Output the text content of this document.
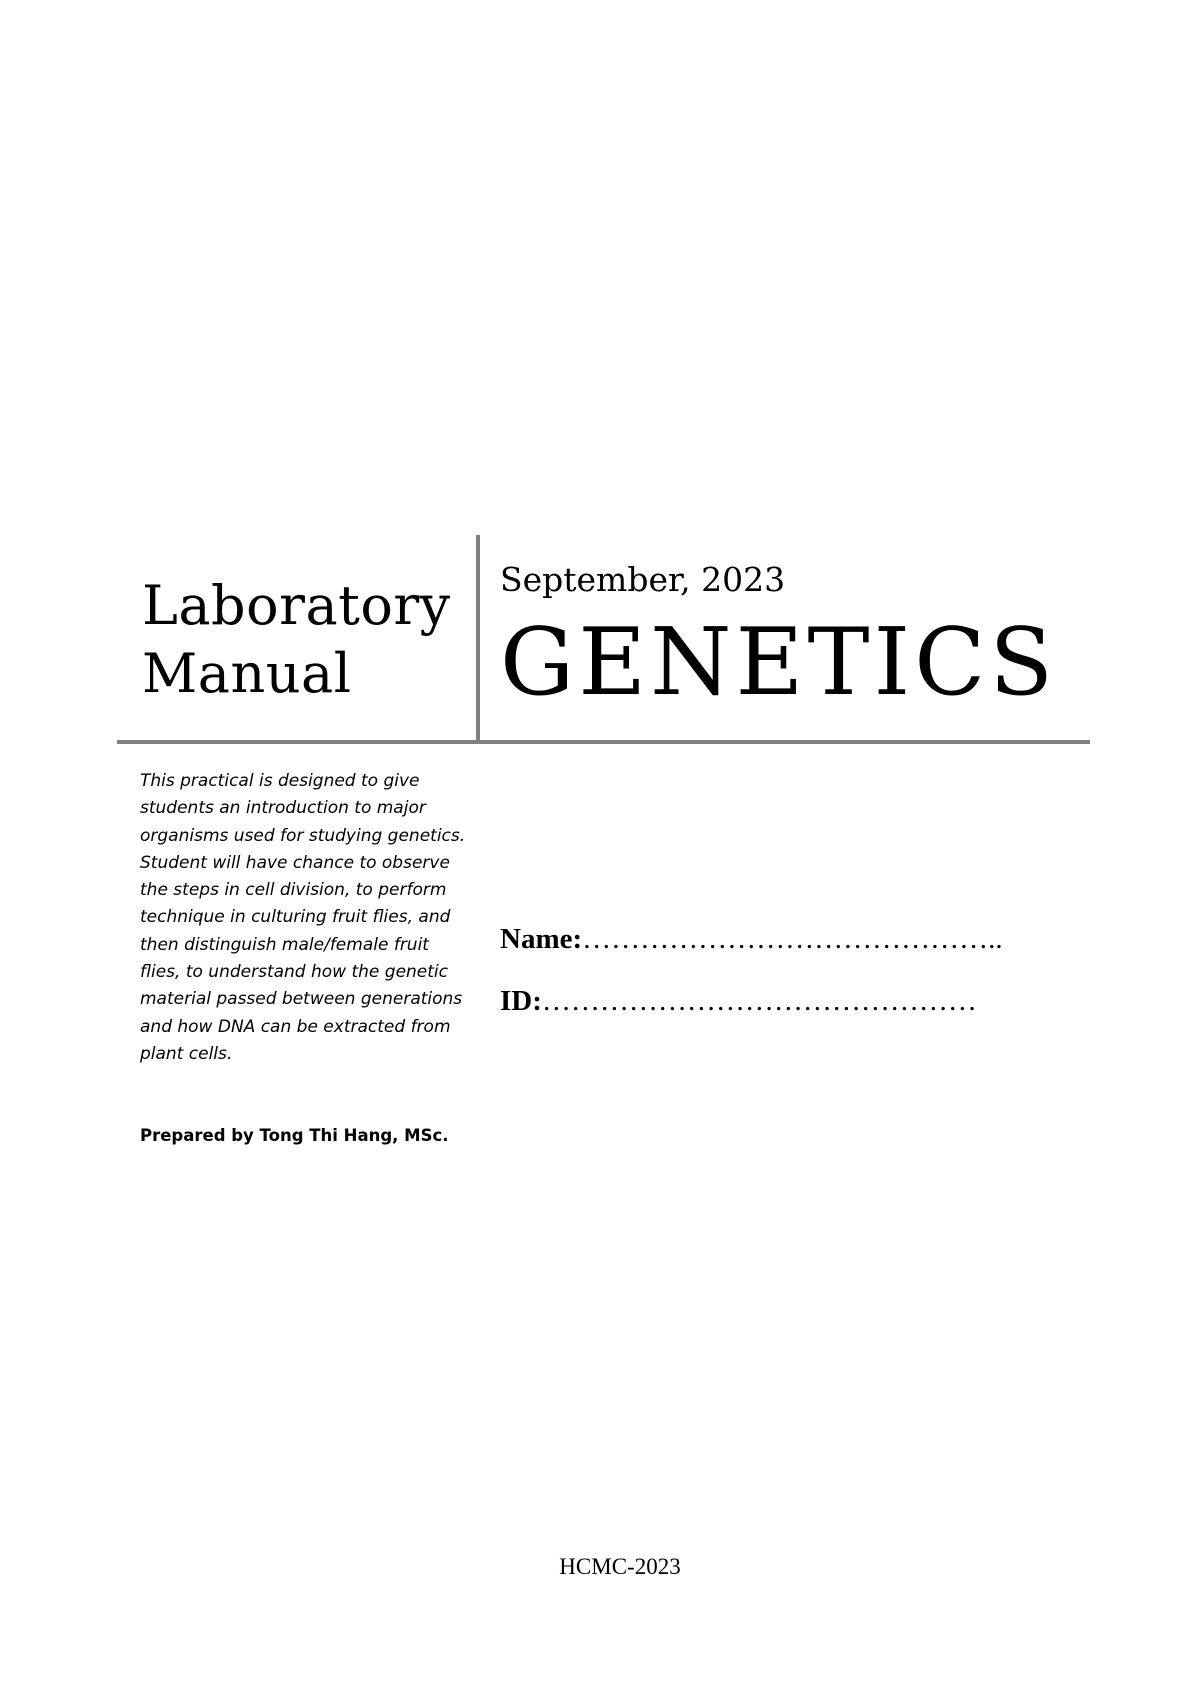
Laboratory
Manual
September, 2023
GENETICS

This practical is designed to give students an introduction to major organisms used for studying genetics. Student will have chance to observe the steps in cell division, to perform technique in culturing fruit flies, and then distinguish male/female fruit flies, to understand how the genetic material passed between generations and how DNA can be extracted from plant cells.

Prepared by Tong Thi Hang, MSc.
Name:……………………………………..
ID:………………………………………
HCMC-2023
